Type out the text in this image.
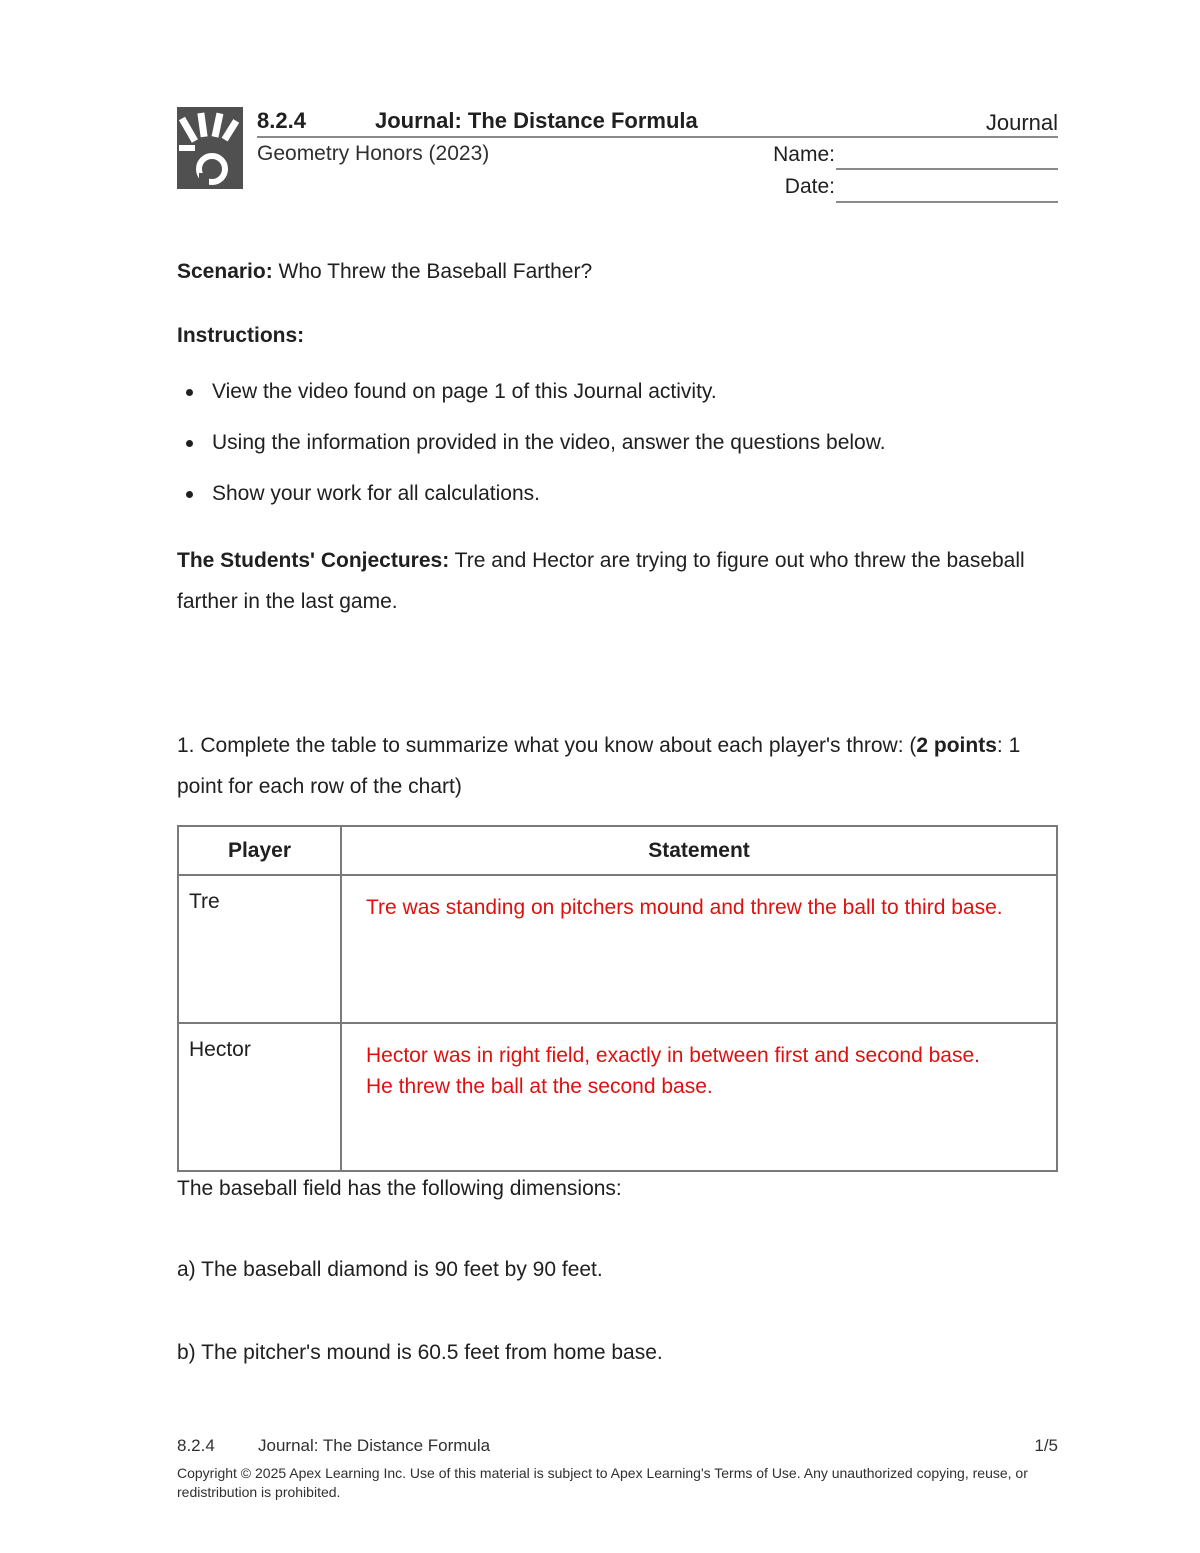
8.2.4	Journal: The Distance Formula	Journal
Geometry Honors (2023)	Name:
Date:
Scenario: Who Threw the Baseball Farther?
Instructions:
View the video found on page 1 of this Journal activity.
Using the information provided in the video, answer the questions below.
Show your work for all calculations.
The Students' Conjectures: Tre and Hector are trying to figure out who threw the baseball farther in the last game.
1. Complete the table to summarize what you know about each player's throw: (2 points: 1 point for each row of the chart)
Player	Statement
Tre	Tre was standing on pitchers mound and threw the ball to third base.

Hector	Hector was in right field, exactly in between first and second base.
He threw the ball at the second base.
The baseball field has the following dimensions:
a) The baseball diamond is 90 feet by 90 feet.
b) The pitcher's mound is 60.5 feet from home base.
8.2.4	Journal: The Distance Formula	1/5
Copyright © 2025 Apex Learning Inc. Use of this material is subject to Apex Learning's Terms of Use. Any unauthorized copying, reuse, or redistribution is prohibited.
